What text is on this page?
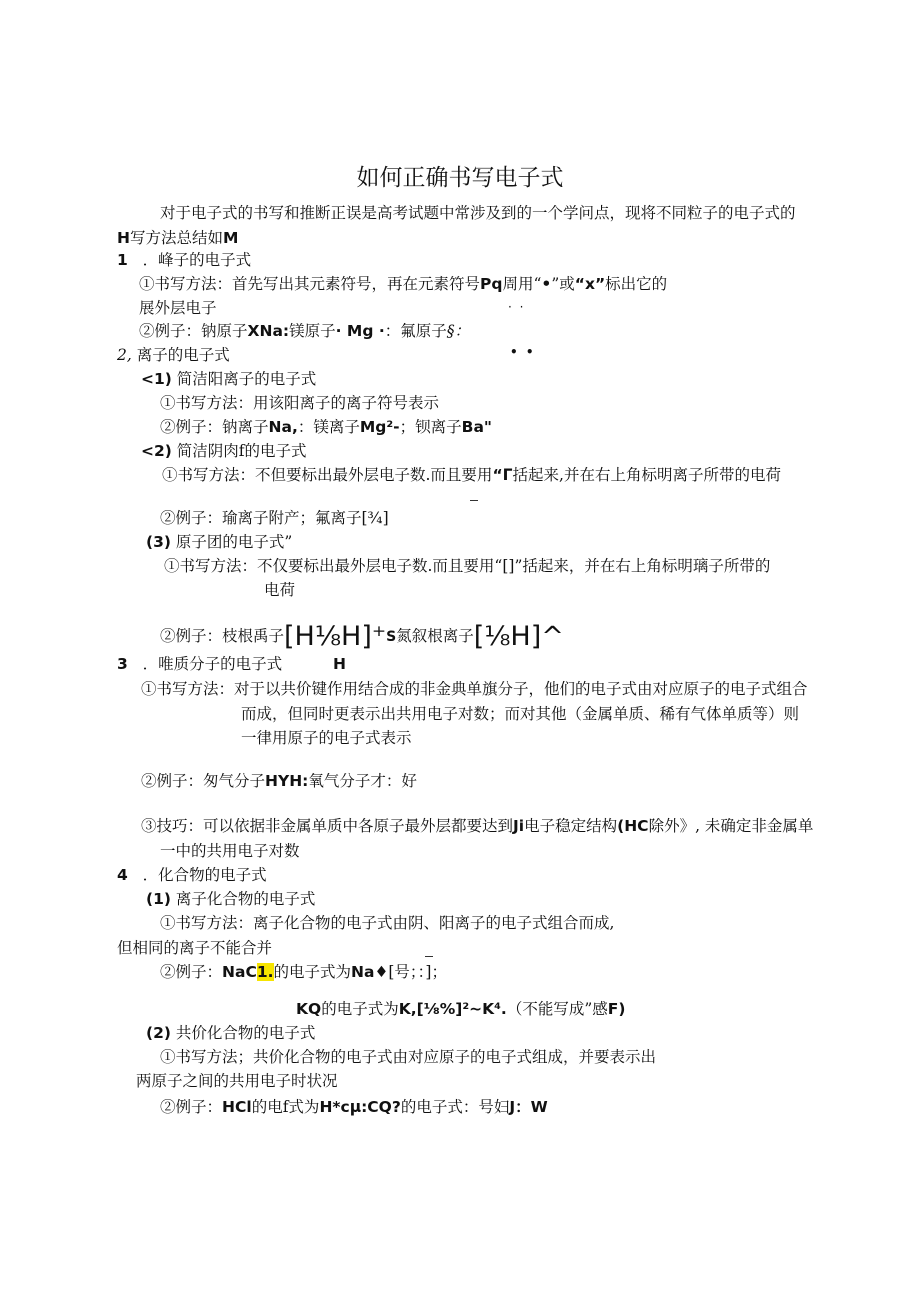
如何正确书写电子式
对于电子式的书写和推断正误是高考试题中常涉及到的一个学问点，现将不同粒子的电子式的
H写方法总结如M
1 ．峰子的电子式
①书写方法：首先写出其元素符号，再在元素符号Pq周用“•”或“x”标出它的
展外层电子	· ·
②例子：钠原子XNa:镁原子· Mg ·：氟原子§：
2, 离子的电子式	• •
<1) 简洁阳离子的电子式
①书写方法：用该阳离子的离子符号表示
②例子：钠离子Na,：镁离子Mg²-；钡离子Ba"
<2) 简洁阴肉f的电子式
①书写方法：不但要标出最外层电子数.而且要用“Γ括起来,并在右上角标明离子所带的电荷
②例子：瑜离子附产；氟离子[¾]
(3) 原子团的电子式”
①书写方法：不仅要标出最外层电子数.而且要用“[]”括起来，并在右上角标明璃子所带的
电荷
②例子：枝根禹子[H⅛H]⁺S氮叙根离子[⅛H]^
3 ．唯质分子的电子式	H
①书写方法：对于以共价键作用结合成的非金典单旗分子，他们的电子式由对应原子的电子式组合
而成，但同时更表示出共用电子对数；而对其他（金属单质、稀有气体单质等）则
一律用原子的电子式表示
②例子：匆气分子HYH:氧气分子才：好
③技巧：可以依据非金属单质中各原子最外层都要达到Ji电子稳定结构(HC除外》, 未确定非金属单
一中的共用电子对数
4 ．化合物的电子式
(1) 离子化合物的电子式
①书写方法：离子化合物的电子式由阴、阳离子的电子式组合而成,
但相同的离子不能合并
②例子：NaC1.的电子式为Na♦[号；：]；
KQ的电子式为K,[⅛%]²~K⁴.（不能写成”感F)
(2) 共价化合物的电子式
①书写方法；共价化合物的电子式由对应原子的电子式组成，并要表示出
两原子之间的共用电子时状况
②例子：HCl的电f式为H*cμ:CQ?的电子式：号妇J：W
